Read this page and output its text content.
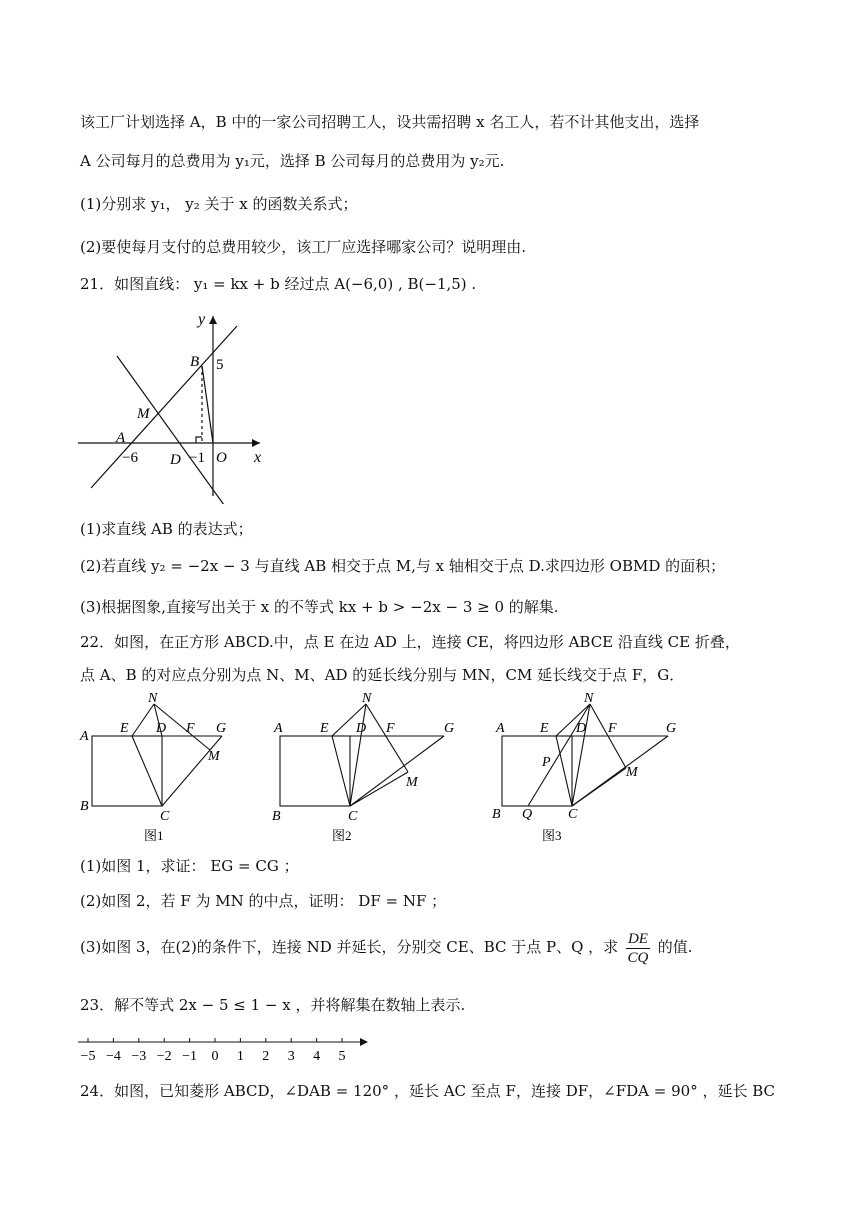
该工厂计划选择 A，B 中的一家公司招聘工人，设共需招聘 x 名工人，若不计其他支出，选择
A 公司每月的总费用为 y₁元，选择 B 公司每月的总费用为 y₂元.
(1)分别求 y₁， y₂ 关于 x 的函数关系式；
(2)要使每月支付的总费用较少，该工厂应选择哪家公司？说明理由.
21．如图直线： y₁ = kx + b 经过点 A(−6,0) , B(−1,5) .
y
x
B 5
M
A
−6 D −1 O
(1)求直线 AB 的表达式；
(2)若直线 y₂ = −2x − 3 与直线 AB 相交于点 M,与 x 轴相交于点 D.求四边形 OBMD 的面积；
(3)根据图象,直接写出关于 x 的不等式 kx + b > −2x − 3 ≥ 0 的解集.
22．如图，在正方形 ABCD.中，点 E 在边 AD 上，连接 CE，将四边形 ABCE 沿直线 CE 折叠，
点 A、B 的对应点分别为点 N、M、AD 的延长线分别与 MN，CM 延长线交于点 F，G．
A
E D F G
N
M
B
C
图1
A	E D F	G
N
M
B	C
图2
A	E D F	G
N
P
M
B Q	C
图3
(1)如图 1，求证： EG = CG ；
(2)如图 2，若 F 为 MN 的中点，证明： DF = NF ；
(3)如图 3，在(2)的条件下，连接 ND 并延长，分别交 CE、BC 于点 P、Q ，求 $\frac{DE}{CQ}$ 的值.
23．解不等式 2x − 5 ≤ 1 − x ，并将解集在数轴上表示.
−5 −4 −3 −2 −1 0 1 2 3 4 5
24．如图，已知菱形 ABCD，∠DAB = 120° ，延长 AC 至点 F，连接 DF，∠FDA = 90° ，延长 BC
